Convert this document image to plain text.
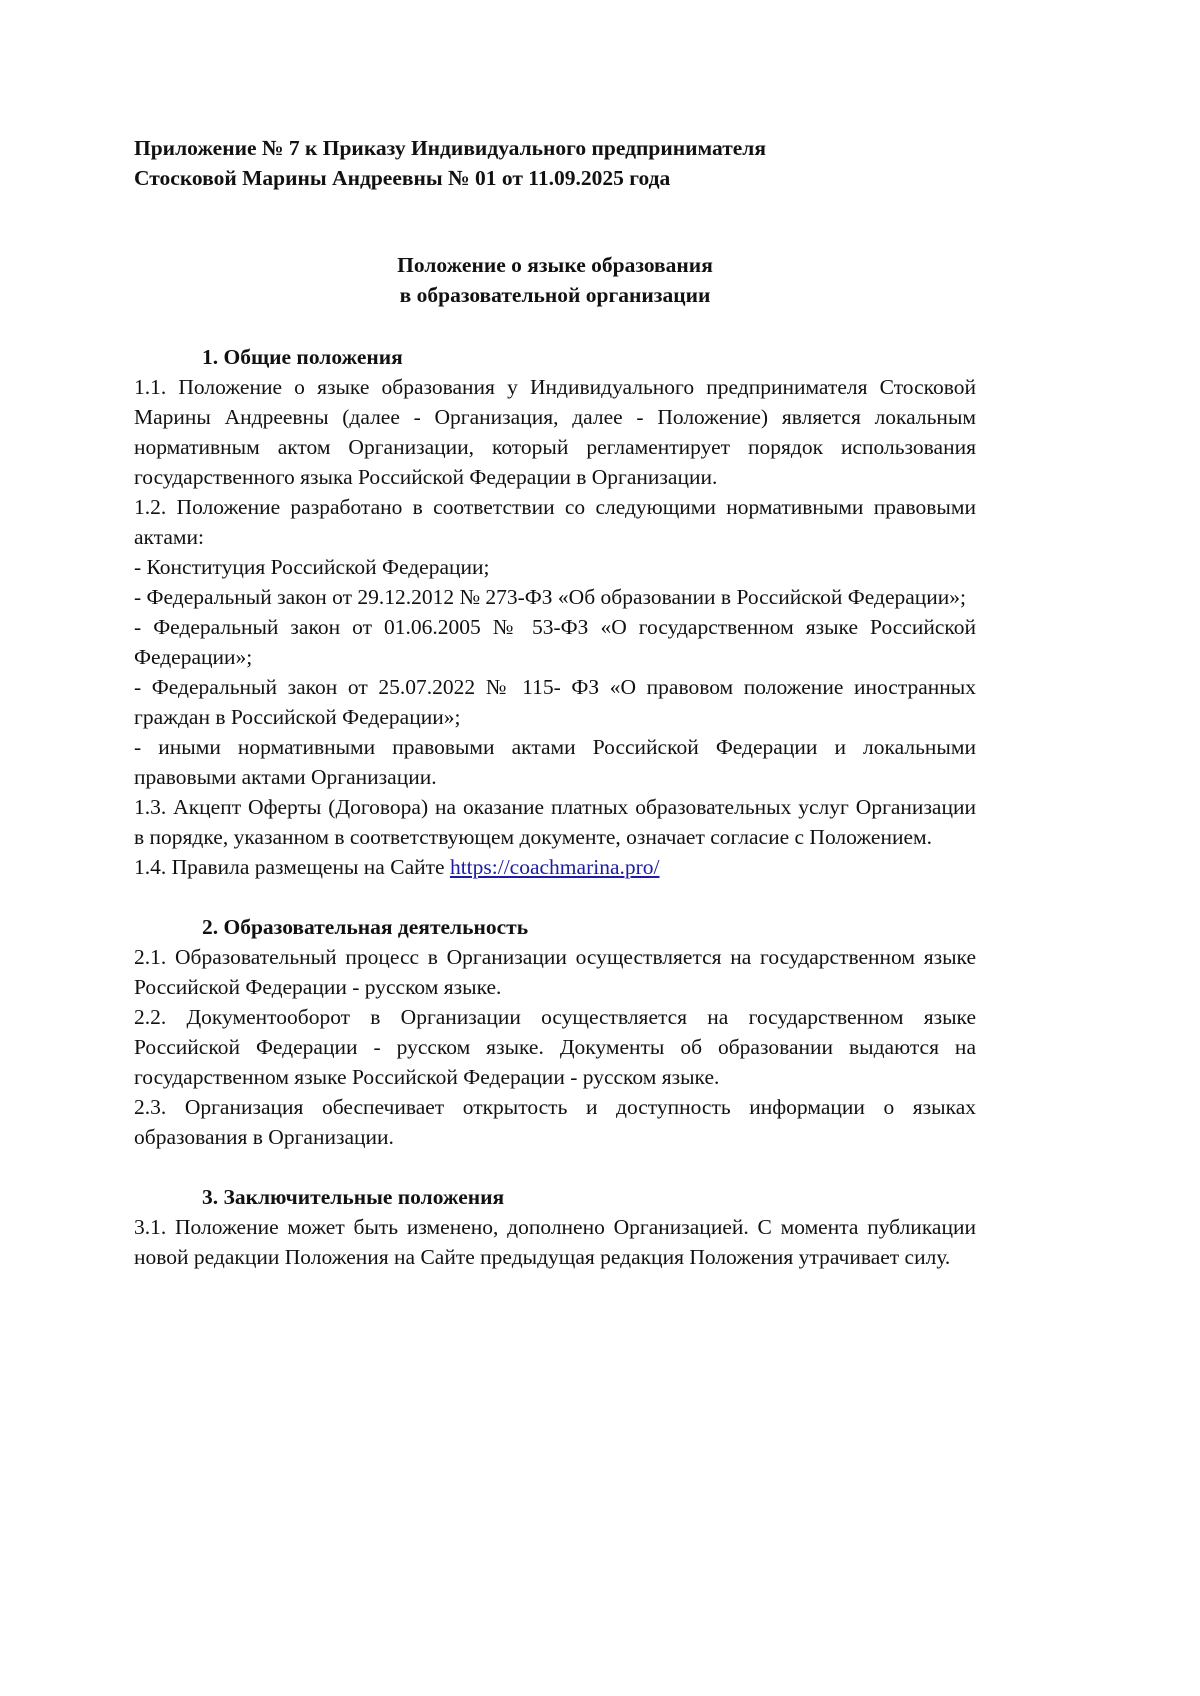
Приложение № 7 к Приказу Индивидуального предпринимателя
Стосковой Марины Андреевны № 01 от 11.09.2025 года
Положение о языке образования
в образовательной организации
1. Общие положения

1.1. Положение о языке образования у Индивидуального предпринимателя Стосковой Марины Андреевны (далее - Организация, далее - Положение) является локальным нормативным актом Организации, который регламентирует порядок использования государственного языка Российской Федерации в Организации.

1.2. Положение разработано в соответствии со следующими нормативными правовыми актами:

- Конституция Российской Федерации;

- Федеральный закон от 29.12.2012 № 273-ФЗ «Об образовании в Российской Федерации»;

- Федеральный закон от 01.06.2005 № 53-ФЗ «О государственном языке Российской Федерации»;

- Федеральный закон от 25.07.2022 № 115- ФЗ «О правовом положение иностранных граждан в Российской Федерации»;

- иными нормативными правовыми актами Российской Федерации и локальными правовыми актами Организации.

1.3. Акцепт Оферты (Договора) на оказание платных образовательных услуг Организации в порядке, указанном в соответствующем документе, означает согласие с Положением.

1.4. Правила размещены на Сайте https://coachmarina.pro/

2. Образовательная деятельность

2.1. Образовательный процесс в Организации осуществляется на государственном языке Российской Федерации - русском языке.

2.2. Документооборот в Организации осуществляется на государственном языке Российской Федерации - русском языке. Документы об образовании выдаются на государственном языке Российской Федерации - русском языке.

2.3. Организация обеспечивает открытость и доступность информации о языках образования в Организации.

3. Заключительные положения

3.1. Положение может быть изменено, дополнено Организацией. С момента публикации новой редакции Положения на Сайте предыдущая редакция Положения утрачивает силу.
